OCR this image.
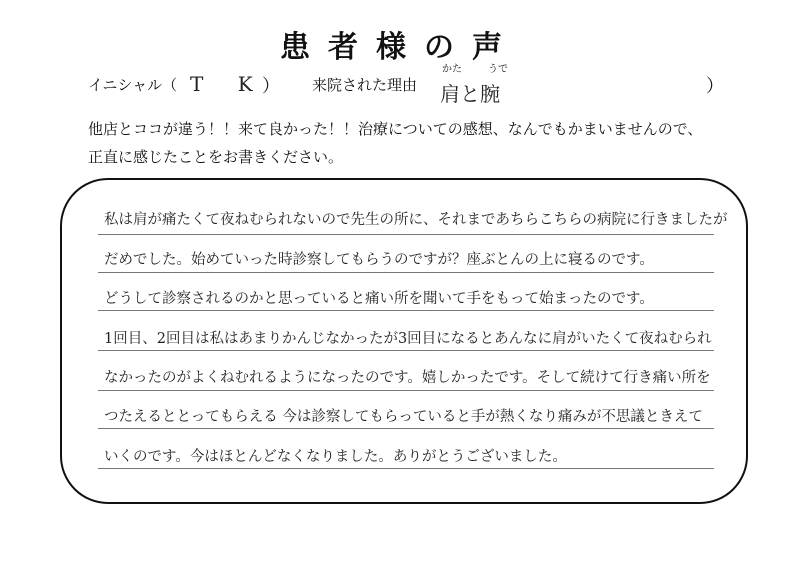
患者様の声
イニシャル（ T K
） 来院された理由
かた	うで
肩と腕	）
他店とココが違う！！来て良かった！！治療についての感想、なんでもかまいませんので、
正直に感じたことをお書きください。
私は肩が痛たくて夜ねむられないので先生の所に、それまであちらこちらの病院に行きましたが
だめでした。始めていった時診察してもらうのですが？座ぶとんの上に寝るのです。
どうして診察されるのかと思っていると痛い所を聞いて手をもって始まったのです。
1回目、2回目は私はあまりかんじなかったが3回目になるとあんなに肩がいたくて夜ねむられ
なかったのがよくねむれるようになったのです。嬉しかったです。そして続けて行き痛い所を
つたえるととってもらえる 今は診察してもらっていると手が熱くなり痛みが不思議ときえて
いくのです。今はほとんどなくなりました。ありがとうございました。
